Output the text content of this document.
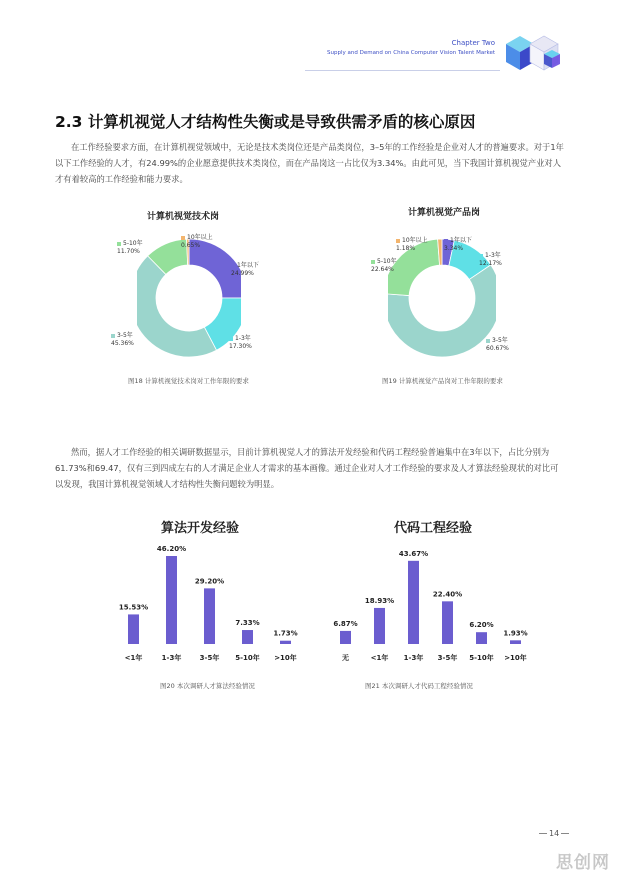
Chapter Two
Supply and Demand on China Computer Vision Talent Market
2.3 计算机视觉人才结构性失衡或是导致供需矛盾的核心原因
在工作经验要求方面，在计算机视觉领域中，无论是技术类岗位还是产品类岗位，3–5年的工作经验是企业对人才的普遍要求。对于1年以下工作经验的人才，有24.99%的企业愿意提供技术类岗位，而在产品岗这一占比仅为3.34%。由此可见，当下我国计算机视觉产业对人才有着较高的工作经验和能力要求。
计算机视觉技术岗
10年以上
0.65%
5-10年
11.70%
1年以下
24.99%
1-3年
17.30%
3-5年
45.36%
图18 计算机视觉技术岗对工作年限的要求
计算机视觉产品岗
10年以上
1.18%
1年以下
3.34%
1-3年
12.17%
5-10年
22.64%
3-5年
60.67%
图19 计算机视觉产品岗对工作年限的要求
然而，据人才工作经验的相关调研数据显示，目前计算机视觉人才的算法开发经验和代码工程经验普遍集中在3年以下，占比分别为61.73%和69.47，仅有三到四成左右的人才满足企业人才需求的基本画像。通过企业对人才工作经验的要求及人才算法经验现状的对比可以发现，我国计算机视觉领域人才结构性失衡问题较为明显。
算法开发经验
15.53%
<1年
46.20%
1-3年
29.20%
3-5年
7.33%
5-10年
1.73%
>10年
图20 本次调研人才算法经验情况
代码工程经验
6.87%
无
18.93%
<1年
43.67%
1-3年
22.40%
3-5年
6.20%
5-10年
1.93%
>10年
图21 本次调研人才代码工程经验情况
14
思创网
